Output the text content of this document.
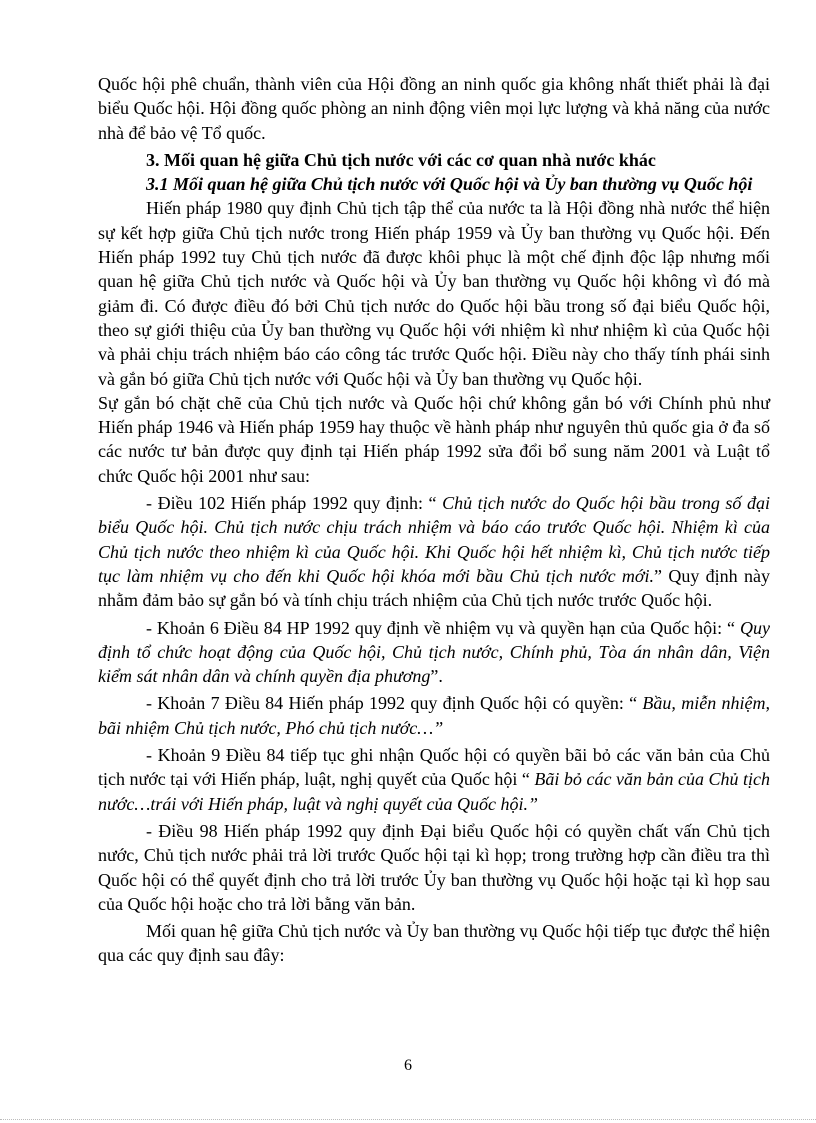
Quốc hội phê chuẩn, thành viên của Hội đồng an ninh quốc gia không nhất thiết phải là đại biểu Quốc hội. Hội đồng quốc phòng an ninh động viên mọi lực lượng và khả năng của nước nhà để bảo vệ Tổ quốc.

3. Mối quan hệ giữa Chủ tịch nước với các cơ quan nhà nước khác

3.1 Mối quan hệ giữa Chủ tịch nước với Quốc hội và Ủy ban thường vụ Quốc hội

Hiến pháp 1980 quy định Chủ tịch tập thể của nước ta là Hội đồng nhà nước thể hiện sự kết hợp giữa Chủ tịch nước trong Hiến pháp 1959 và Ủy ban thường vụ Quốc hội. Đến Hiến pháp 1992 tuy Chủ tịch nước đã được khôi phục là một chế định độc lập nhưng mối quan hệ giữa Chủ tịch nước và Quốc hội và Ủy ban thường vụ Quốc hội không vì đó mà giảm đi. Có được điều đó bởi Chủ tịch nước do Quốc hội bầu trong số đại biểu Quốc hội, theo sự giới thiệu của Ủy ban thường vụ Quốc hội với nhiệm kì như nhiệm kì của Quốc hội và phải chịu trách nhiệm báo cáo công tác trước Quốc hội. Điều này cho thấy tính phái sinh và gắn bó giữa Chủ tịch nước với Quốc hội và Ủy ban thường vụ Quốc hội.

Sự gắn bó chặt chẽ của Chủ tịch nước và Quốc hội chứ không gắn bó với Chính phủ như Hiến pháp 1946 và Hiến pháp 1959 hay thuộc về hành pháp như nguyên thủ quốc gia ở đa số các nước tư bản được quy định tại Hiến pháp 1992 sửa đổi bổ sung năm 2001 và Luật tổ chức Quốc hội 2001 như sau:

- Điều 102 Hiến pháp 1992 quy định: “ Chủ tịch nước do Quốc hội bầu trong số đại biểu Quốc hội. Chủ tịch nước chịu trách nhiệm và báo cáo trước Quốc hội. Nhiệm kì của Chủ tịch nước theo nhiệm kì của Quốc hội. Khi Quốc hội hết nhiệm kì, Chủ tịch nước tiếp tục làm nhiệm vụ cho đến khi Quốc hội khóa mới bầu Chủ tịch nước mới.” Quy định này nhằm đảm bảo sự gắn bó và tính chịu trách nhiệm của Chủ tịch nước trước Quốc hội.

- Khoản 6 Điều 84 HP 1992 quy định về nhiệm vụ và quyền hạn của Quốc hội: “ Quy định tổ chức hoạt động của Quốc hội, Chủ tịch nước, Chính phủ, Tòa án nhân dân, Viện kiểm sát nhân dân và chính quyền địa phương”.

- Khoản 7 Điều 84 Hiến pháp 1992 quy định Quốc hội có quyền: “ Bầu, miễn nhiệm, bãi nhiệm Chủ tịch nước, Phó chủ tịch nước…”

- Khoản 9 Điều 84 tiếp tục ghi nhận Quốc hội có quyền bãi bỏ các văn bản của Chủ tịch nước tại với Hiến pháp, luật, nghị quyết của Quốc hội “ Bãi bỏ các văn bản của Chủ tịch nước…trái với Hiến pháp, luật và nghị quyết của Quốc hội.”

- Điều 98 Hiến pháp 1992 quy định Đại biểu Quốc hội có quyền chất vấn Chủ tịch nước, Chủ tịch nước phải trả lời trước Quốc hội tại kì họp; trong trường hợp cần điều tra thì Quốc hội có thể quyết định cho trả lời trước Ủy ban thường vụ Quốc hội hoặc tại kì họp sau của Quốc hội hoặc cho trả lời bằng văn bản.

Mối quan hệ giữa Chủ tịch nước và Ủy ban thường vụ Quốc hội tiếp tục được thể hiện qua các quy định sau đây:

6
